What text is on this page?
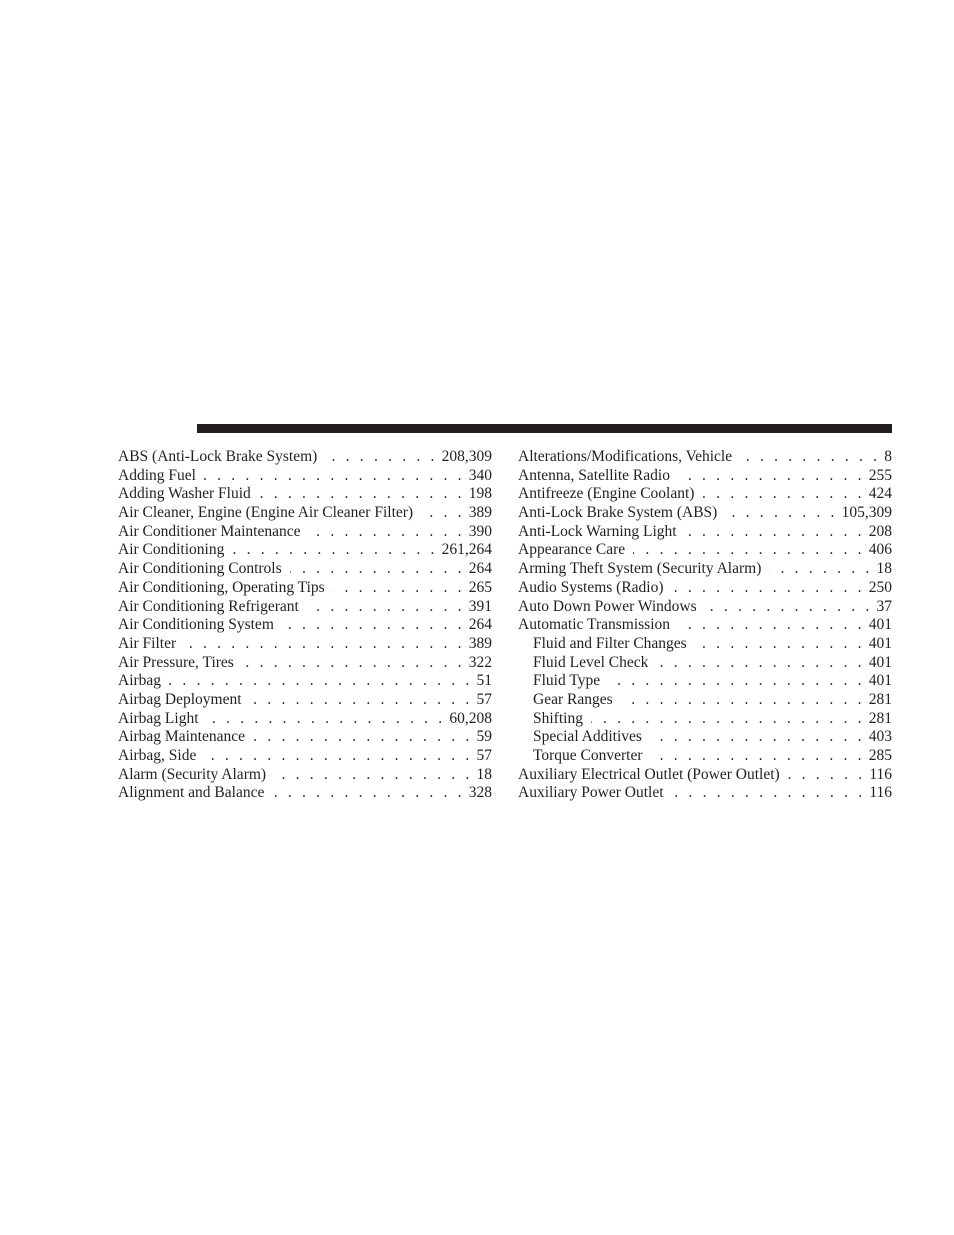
ABS (Anti-Lock Brake System) . . .	208,309
Adding Fuel . . .	340
Adding Washer Fluid . . .	198
Air Cleaner, Engine (Engine Air Cleaner Filter) . . .	389
Air Conditioner Maintenance . . .	390
Air Conditioning . . .	261,264
Air Conditioning Controls . . .	264
Air Conditioning, Operating Tips . . .	265
Air Conditioning Refrigerant . . .	391
Air Conditioning System . . .	264
Air Filter . . .	389
Air Pressure, Tires . . .	322
Airbag . . .	51
Airbag Deployment . . .	57
Airbag Light . . .	60,208
Airbag Maintenance . . .	59
Airbag, Side . . .	57
Alarm (Security Alarm) . . .	18
Alignment and Balance . . .	328
Alterations/Modifications, Vehicle . . .	8
Antenna, Satellite Radio . . .	255
Antifreeze (Engine Coolant) . . .	424
Anti-Lock Brake System (ABS) . . .	105,309
Anti-Lock Warning Light . . .	208
Appearance Care . . .	406
Arming Theft System (Security Alarm) . . .	18
Audio Systems (Radio) . . .	250
Auto Down Power Windows . . .	37
Automatic Transmission . . .	401
Fluid and Filter Changes . . .	401
Fluid Level Check . . .	401
Fluid Type . . .	401
Gear Ranges . . .	281
Shifting . . .	281
Special Additives . . .	403
Torque Converter . . .	285
Auxiliary Electrical Outlet (Power Outlet) . . .	116
Auxiliary Power Outlet . . .	116
